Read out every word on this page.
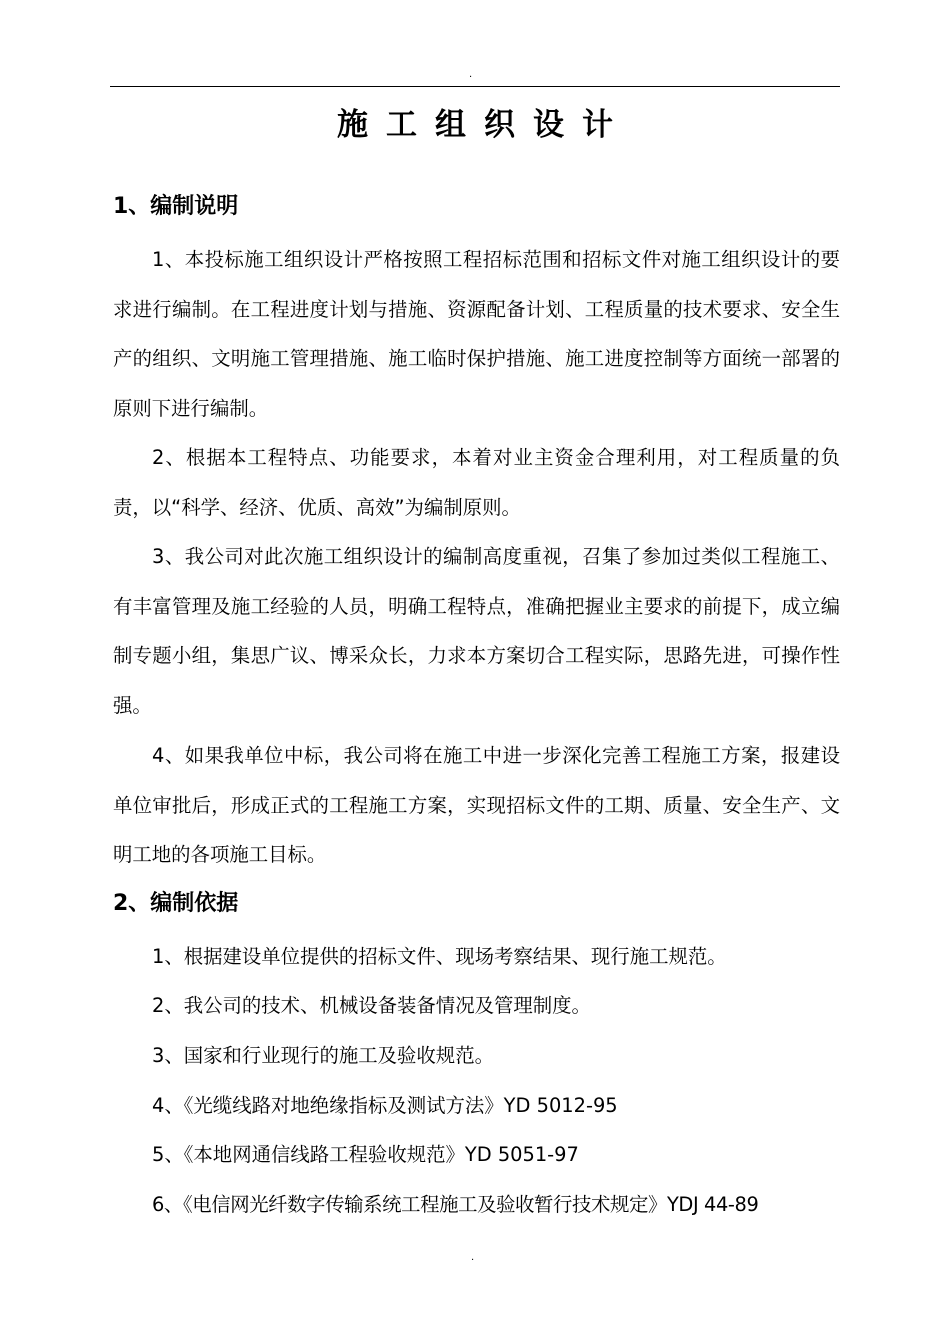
.
施工组织设计
1、编制说明

1、本投标施工组织设计严格按照工程招标范围和招标文件对施工组织设计的要求进行编制。在工程进度计划与措施、资源配备计划、工程质量的技术要求、安全生产的组织、文明施工管理措施、施工临时保护措施、施工进度控制等方面统一部署的原则下进行编制。

2、根据本工程特点、功能要求，本着对业主资金合理利用，对工程质量的负责，以“科学、经济、优质、高效”为编制原则。

3、我公司对此次施工组织设计的编制高度重视，召集了参加过类似工程施工、有丰富管理及施工经验的人员，明确工程特点，准确把握业主要求的前提下，成立编制专题小组，集思广议、博采众长，力求本方案切合工程实际，思路先进，可操作性强。

4、如果我单位中标，我公司将在施工中进一步深化完善工程施工方案，报建设单位审批后，形成正式的工程施工方案，实现招标文件的工期、质量、安全生产、文明工地的各项施工目标。

2、编制依据

1、根据建设单位提供的招标文件、现场考察结果、现行施工规范。

2、我公司的技术、机械设备装备情况及管理制度。

3、国家和行业现行的施工及验收规范。

4、《光缆线路对地绝缘指标及测试方法》YD 5012-95

5、《本地网通信线路工程验收规范》YD 5051-97

6、《电信网光纤数字传输系统工程施工及验收暂行技术规定》YDJ 44-89

.
